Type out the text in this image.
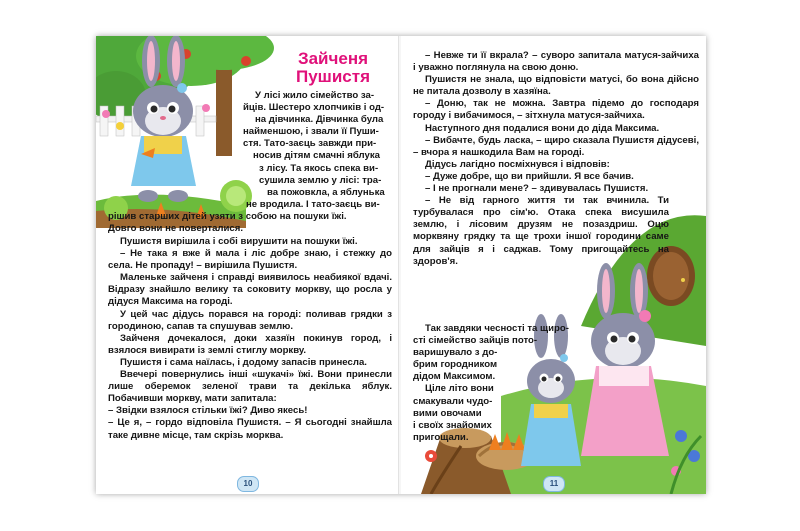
Зайченя
Пушистя
У лісі жило сімейство за-
йців. Шестеро хлопчиків і од-
на дівчинка. Дівчинка була
найменшою, і звали її Пуши-
стя. Тато-заєць завжди при-
носив дітям смачні яблука
з лісу. Та якось спека ви-
сушила землю у лісі: тра-
ва пожовкла, а яблунька
не вродила. І тато-заєць ви-
рішив старших дітей узяти з собою на пошуки їжі.
Довго вони не поверталися.

Пушистя вирішила і собі вирушити на пошуки їжі.

– Не така я вже й мала і ліс добре знаю, і стежку до села. Не пропаду! – вирішила Пушистя.

Маленьке зайченя і справді виявилось неабиякої вдачі. Відразу знайшло велику та соковиту моркву, що росла у дідуся Максима на городі.

У цей час дідусь порався на городі: поливав грядки з городиною, сапав та спушував землю.

Зайченя дочекалося, доки хазяїн покинув город, і взялося вивирати із землі стиглу моркву.

Пушистя і сама наїлась, і додому запасів принесла.

Ввечері повернулись інші «шукачі» їжі. Вони принесли лише оберемок зеленої трави та декілька яблук. Побачивши моркву, мати запитала:

– Звідки взялося стільки їжі? Диво якесь!

– Це я, – гордо відповіла Пушистя. – Я сьогодні знайшла таке дивне місце, там скрізь морква.

10

– Невже ти її вкрала? – суворо запитала матуся-зайчиха і уважно поглянула на свою доню.

Пушистя не знала, що відповісти матусі, бо вона дійсно не питала дозволу в хазяїна.

– Доню, так не можна. Завтра підемо до господаря городу і вибачимося, – зітхнула матуся-зайчиха.

Наступного дня подалися вони до діда Максима.

– Вибачте, будь ласка, – щиро сказала Пушистя дідусеві, – вчора я нашкодила Вам на городі.

Дідусь лагідно посміхнувся і відповів:

– Дуже добре, що ви прийшли. Я все бачив.

– І не прогнали мене? – здивувалась Пушистя.

– Не від гарного життя ти так вчинила. Ти турбувалася про сім'ю. Отака спека висушила землю, і лісовим друзям не позаздриш. Оцю морквяну грядку та ще трохи іншої городини саме для зайців я і саджав. Тому пригощайтесь на здоров'я.

Так завдяки чесності та щиро-
сті сімейство зайців пото-
варишувало з до-
брим городником
дідом Максимом.
Ціле літо вони
смакували чудо-
вими овочами
і своїх знайомих
пригощали.
11
